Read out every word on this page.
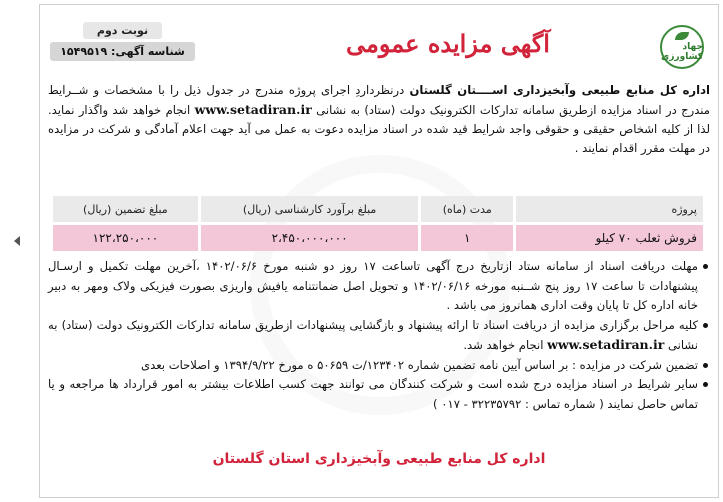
جهاد کشاورزی
آگهی مزایده عمومی
نوبت دوم
شناسه آگهی: ۱۵۴۹۵۱۹
اداره کل منابع طبیعی وآبخیزداری اســــتان گلستان درنظرداردِ اجرای پروژه مندرج در جدول ذیل را با مشخصات و شــرایط مندرج در اسناد مزایده ازطریق سامانه تدارکات الکترونیک دولت (ستاد) به نشانی www.setadiran.ir انجام خواهد شد واگذار نماید. لذا از کلیه اشخاص حقیقی و حقوقی واجد شرایط قید شده در اسناد مزایده دعوت به عمل می آید جهت اعلام آمادگی و شرکت در مزایده در مهلت مقرر اقدام نمایند .
پروژه	مدت (ماه)	مبلغ برآورد کارشناسی (ریال)	مبلغ تضمین (ریال)
فروش ثعلب ۷۰ کیلو	۱	۲،۴۵۰،۰۰۰،۰۰۰	۱۲۲،۲۵۰،۰۰۰
مهلت دریافت اسناد از سامانه ستاد ازتاریخ درج آگهی تاساعت ۱۷ روز دو شنبه مورخ ۱۴۰۲/۰۶/۶ ،آخرین مهلت تکمیل و ارسـال پیشنهادات تا ساعت ۱۷ روز پنج شــنبه مورخه ۱۴۰۲/۰۶/۱۶ و تحویل اصل ضمانتنامه یافیش واریزی بصورت فیزیکی ولاک ومهر به دبیر خانه اداره کل تا پایان وقت اداری همانروز می باشد .
کلیه مراحل برگزاری مزایده از دریافت اسناد تا ارائه پیشنهاد و بازگشایی پیشنهادات ازطریق سامانه تدارکات الکترونیک دولت (ستاد) به نشانی www.setadiran.ir انجام خواهد شد.
تضمین شرکت در مزایده : بر اساس آیین نامه تضمین شماره ۱۲۳۴۰۲/ت ۵۰۶۵۹ ه مورخ ۱۳۹۴/۹/۲۲ و اصلاحات بعدی
سایر شرایط در اسناد مزایده درج شده است و شرکت کنندگان می توانند جهت کسب اطلاعات بیشتر به امور قرارداد ها مراجعه و یا تماس حاصل نمایند ( شماره تماس : ۳۲۲۳۵۷۹۲ - ۰۱۷ )
اداره کل منابع طبیعی وآبخیزداری استان گلستان
